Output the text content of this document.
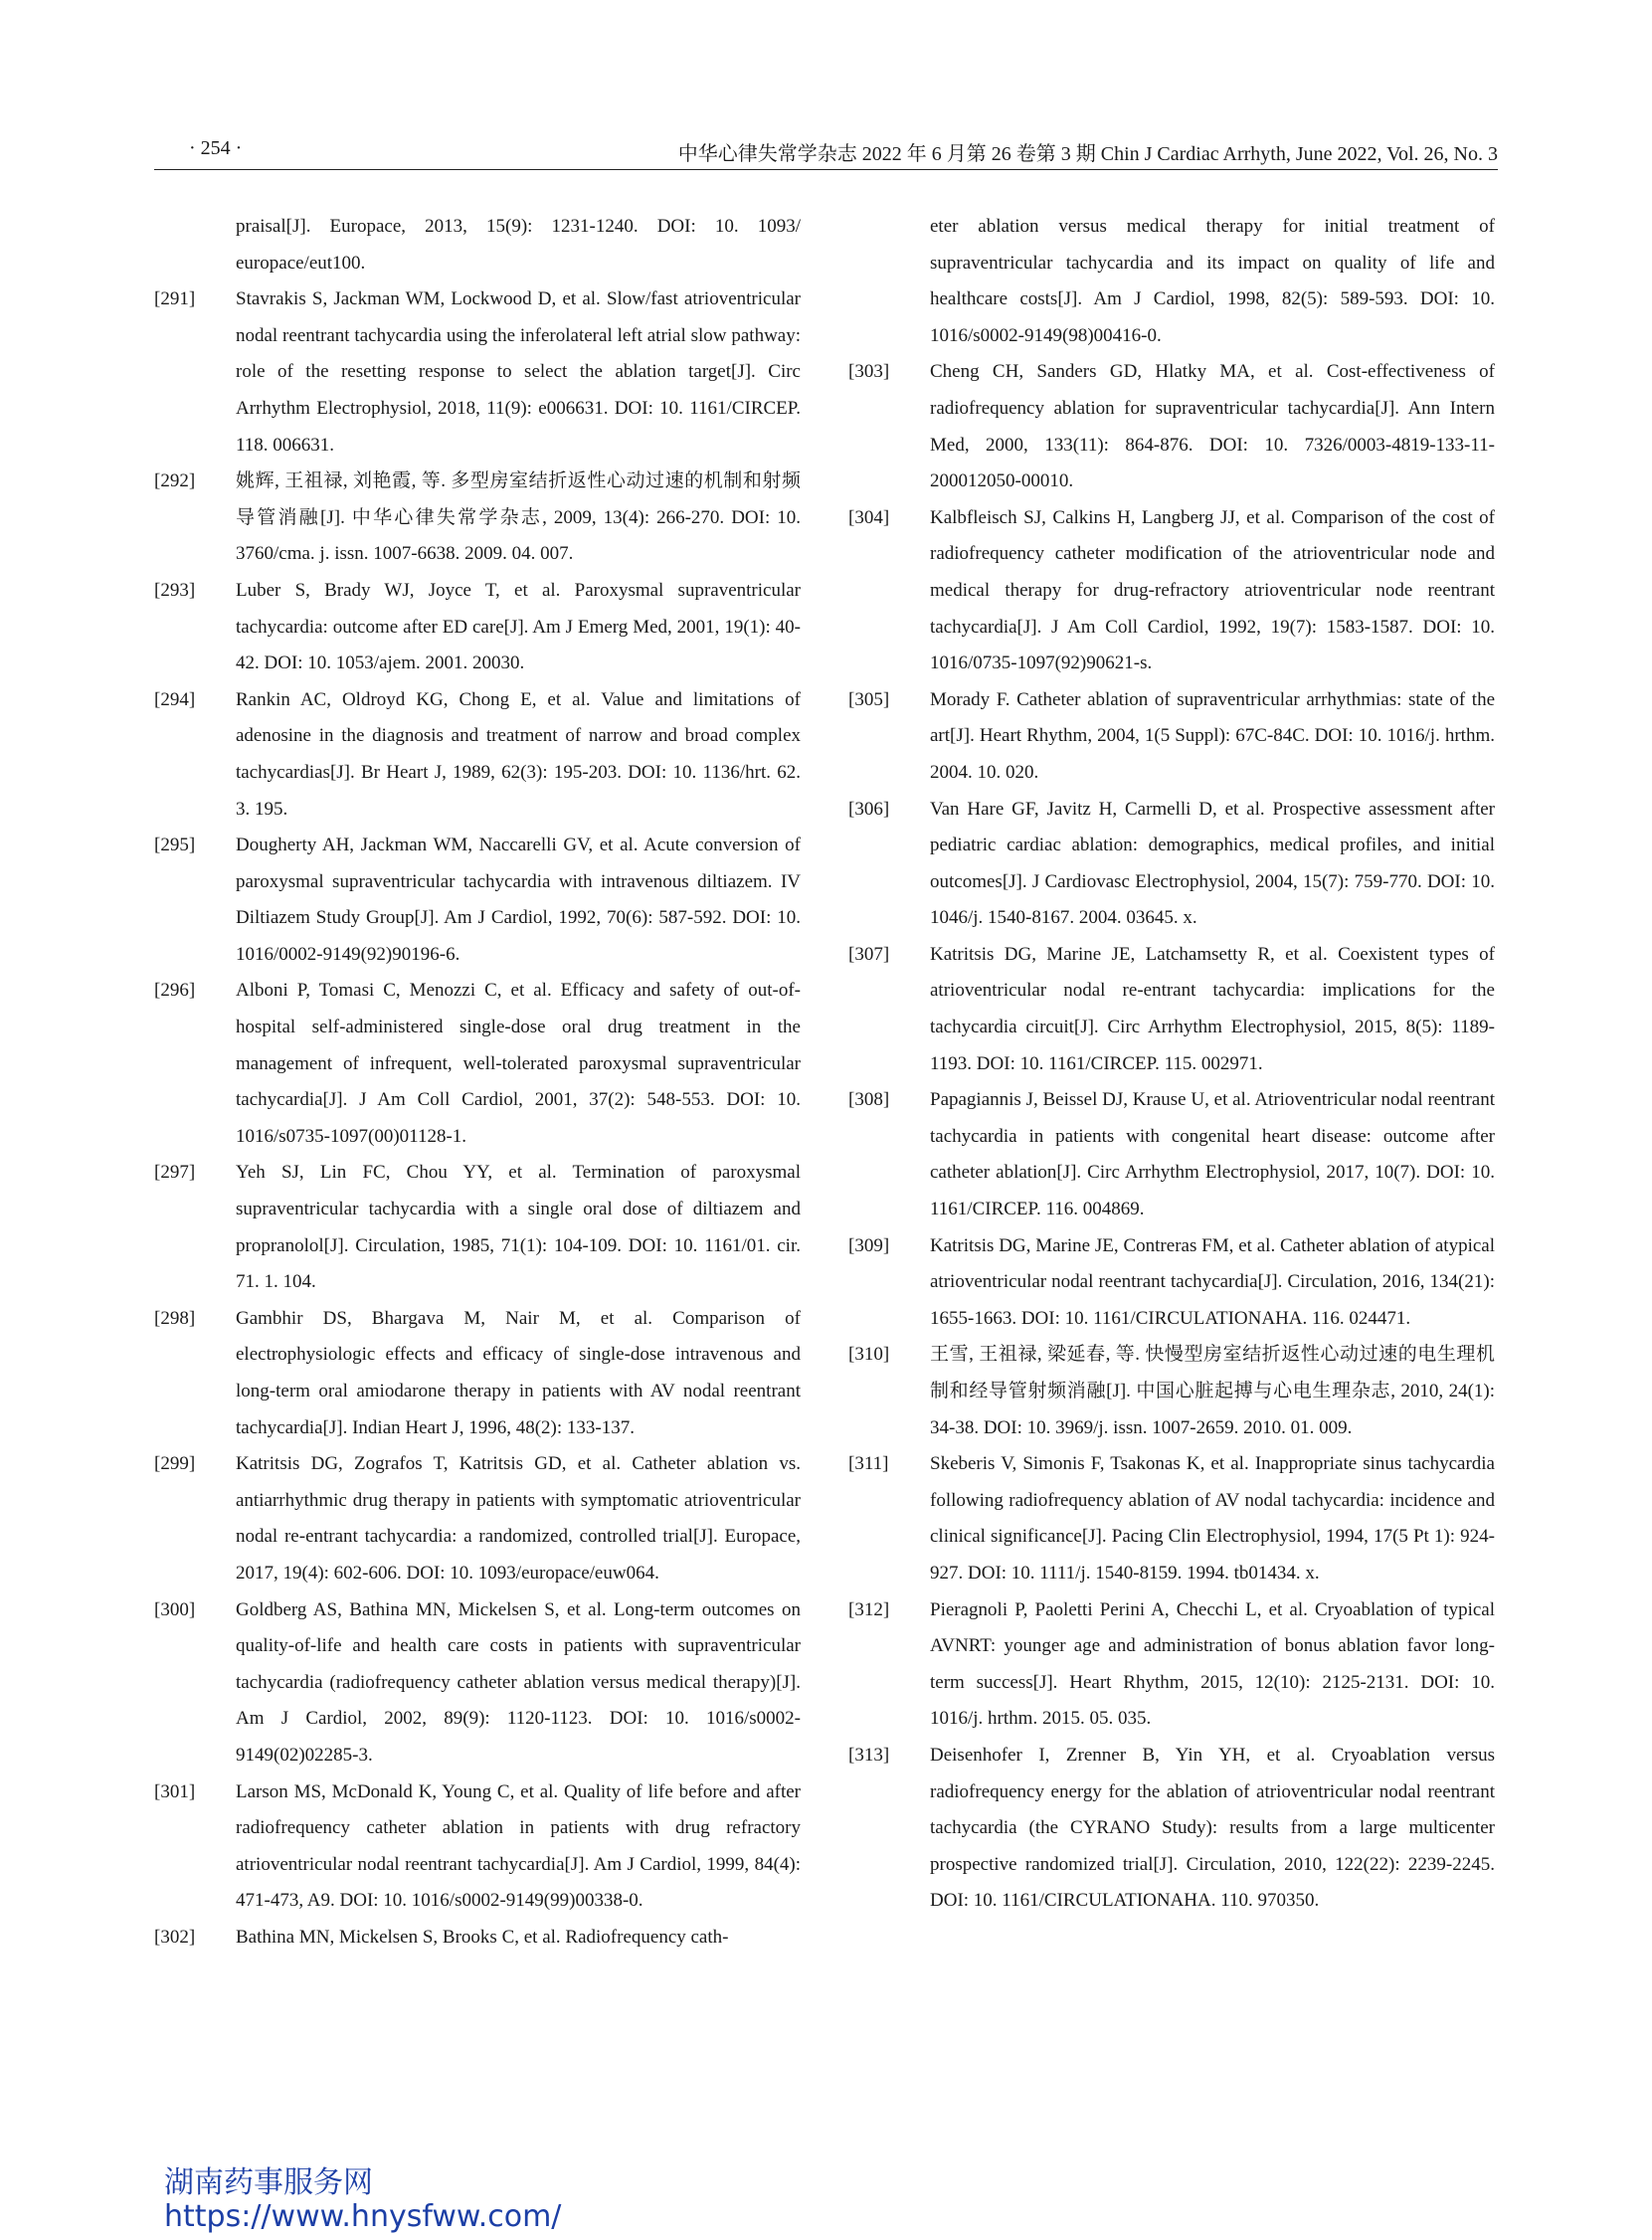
· 254 ·	中华心律失常学杂志 2022 年 6 月第 26 卷第 3 期 Chin J Cardiac Arrhyth, June 2022, Vol. 26, No. 3
praisal[J]. Europace, 2013, 15(9): 1231-1240. DOI: 10. 1093/ europace/eut100.
[291]	Stavrakis S, Jackman WM, Lockwood D, et al. Slow/fast atrioventricular nodal reentrant tachycardia using the inferolateral left atrial slow pathway: role of the resetting response to select the ablation target[J]. Circ Arrhythm Electrophysiol, 2018, 11(9): e006631. DOI: 10. 1161/CIRCEP. 118. 006631.
[292]	姚辉, 王祖禄, 刘艳霞, 等. 多型房室结折返性心动过速的机制和射频导管消融[J]. 中华心律失常学杂志, 2009, 13(4): 266-270. DOI: 10. 3760/cma. j. issn. 1007-6638. 2009. 04. 007.
[293]	Luber S, Brady WJ, Joyce T, et al. Paroxysmal supraventricular tachycardia: outcome after ED care[J]. Am J Emerg Med, 2001, 19(1): 40-42. DOI: 10. 1053/ajem. 2001. 20030.
[294]	Rankin AC, Oldroyd KG, Chong E, et al. Value and limitations of adenosine in the diagnosis and treatment of narrow and broad complex tachycardias[J]. Br Heart J, 1989, 62(3): 195-203. DOI: 10. 1136/hrt. 62. 3. 195.
[295]	Dougherty AH, Jackman WM, Naccarelli GV, et al. Acute conversion of paroxysmal supraventricular tachycardia with intravenous diltiazem. IV Diltiazem Study Group[J]. Am J Cardiol, 1992, 70(6): 587-592. DOI: 10. 1016/0002-9149(92)90196-6.
[296]	Alboni P, Tomasi C, Menozzi C, et al. Efficacy and safety of out-of-hospital self-administered single-dose oral drug treatment in the management of infrequent, well-tolerated paroxysmal supraventricular tachycardia[J]. J Am Coll Cardiol, 2001, 37(2): 548-553. DOI: 10. 1016/s0735-1097(00)01128-1.
[297]	Yeh SJ, Lin FC, Chou YY, et al. Termination of paroxysmal supraventricular tachycardia with a single oral dose of diltiazem and propranolol[J]. Circulation, 1985, 71(1): 104-109. DOI: 10. 1161/01. cir. 71. 1. 104.
[298]	Gambhir DS, Bhargava M, Nair M, et al. Comparison of electrophysiologic effects and efficacy of single-dose intravenous and long-term oral amiodarone therapy in patients with AV nodal reentrant tachycardia[J]. Indian Heart J, 1996, 48(2): 133-137.
[299]	Katritsis DG, Zografos T, Katritsis GD, et al. Catheter ablation vs. antiarrhythmic drug therapy in patients with symptomatic atrioventricular nodal re-entrant tachycardia: a randomized, controlled trial[J]. Europace, 2017, 19(4): 602-606. DOI: 10. 1093/europace/euw064.
[300]	Goldberg AS, Bathina MN, Mickelsen S, et al. Long-term outcomes on quality-of-life and health care costs in patients with supraventricular tachycardia (radiofrequency catheter ablation versus medical therapy)[J]. Am J Cardiol, 2002, 89(9): 1120-1123. DOI: 10. 1016/s0002-9149(02)02285-3.
[301]	Larson MS, McDonald K, Young C, et al. Quality of life before and after radiofrequency catheter ablation in patients with drug refractory atrioventricular nodal reentrant tachycardia[J]. Am J Cardiol, 1999, 84(4): 471-473, A9. DOI: 10. 1016/s0002-9149(99)00338-0.
[302]	Bathina MN, Mickelsen S, Brooks C, et al. Radiofrequency cath-
eter ablation versus medical therapy for initial treatment of supraventricular tachycardia and its impact on quality of life and healthcare costs[J]. Am J Cardiol, 1998, 82(5): 589-593. DOI: 10. 1016/s0002-9149(98)00416-0.
[303]	Cheng CH, Sanders GD, Hlatky MA, et al. Cost-effectiveness of radiofrequency ablation for supraventricular tachycardia[J]. Ann Intern Med, 2000, 133(11): 864-876. DOI: 10. 7326/0003-4819-133-11-200012050-00010.
[304]	Kalbfleisch SJ, Calkins H, Langberg JJ, et al. Comparison of the cost of radiofrequency catheter modification of the atrioventricular node and medical therapy for drug-refractory atrioventricular node reentrant tachycardia[J]. J Am Coll Cardiol, 1992, 19(7): 1583-1587. DOI: 10. 1016/0735-1097(92)90621-s.
[305]	Morady F. Catheter ablation of supraventricular arrhythmias: state of the art[J]. Heart Rhythm, 2004, 1(5 Suppl): 67C-84C. DOI: 10. 1016/j. hrthm. 2004. 10. 020.
[306]	Van Hare GF, Javitz H, Carmelli D, et al. Prospective assessment after pediatric cardiac ablation: demographics, medical profiles, and initial outcomes[J]. J Cardiovasc Electrophysiol, 2004, 15(7): 759-770. DOI: 10. 1046/j. 1540-8167. 2004. 03645. x.
[307]	Katritsis DG, Marine JE, Latchamsetty R, et al. Coexistent types of atrioventricular nodal re-entrant tachycardia: implications for the tachycardia circuit[J]. Circ Arrhythm Electrophysiol, 2015, 8(5): 1189-1193. DOI: 10. 1161/CIRCEP. 115. 002971.
[308]	Papagiannis J, Beissel DJ, Krause U, et al. Atrioventricular nodal reentrant tachycardia in patients with congenital heart disease: outcome after catheter ablation[J]. Circ Arrhythm Electrophysiol, 2017, 10(7). DOI: 10. 1161/CIRCEP. 116. 004869.
[309]	Katritsis DG, Marine JE, Contreras FM, et al. Catheter ablation of atypical atrioventricular nodal reentrant tachycardia[J]. Circulation, 2016, 134(21): 1655-1663. DOI: 10. 1161/CIRCULATIONAHA. 116. 024471.
[310]	王雪, 王祖禄, 梁延春, 等. 快慢型房室结折返性心动过速的电生理机制和经导管射频消融[J]. 中国心脏起搏与心电生理杂志, 2010, 24(1): 34-38. DOI: 10. 3969/j. issn. 1007-2659. 2010. 01. 009.
[311]	Skeberis V, Simonis F, Tsakonas K, et al. Inappropriate sinus tachycardia following radiofrequency ablation of AV nodal tachycardia: incidence and clinical significance[J]. Pacing Clin Electrophysiol, 1994, 17(5 Pt 1): 924-927. DOI: 10. 1111/j. 1540-8159. 1994. tb01434. x.
[312]	Pieragnoli P, Paoletti Perini A, Checchi L, et al. Cryoablation of typical AVNRT: younger age and administration of bonus ablation favor long-term success[J]. Heart Rhythm, 2015, 12(10): 2125-2131. DOI: 10. 1016/j. hrthm. 2015. 05. 035.
[313]	Deisenhofer I, Zrenner B, Yin YH, et al. Cryoablation versus radiofrequency energy for the ablation of atrioventricular nodal reentrant tachycardia (the CYRANO Study): results from a large multicenter prospective randomized trial[J]. Circulation, 2010, 122(22): 2239-2245. DOI: 10. 1161/CIRCULATIONAHA. 110. 970350.
湖南药事服务网
https://www.hnysfww.com/
